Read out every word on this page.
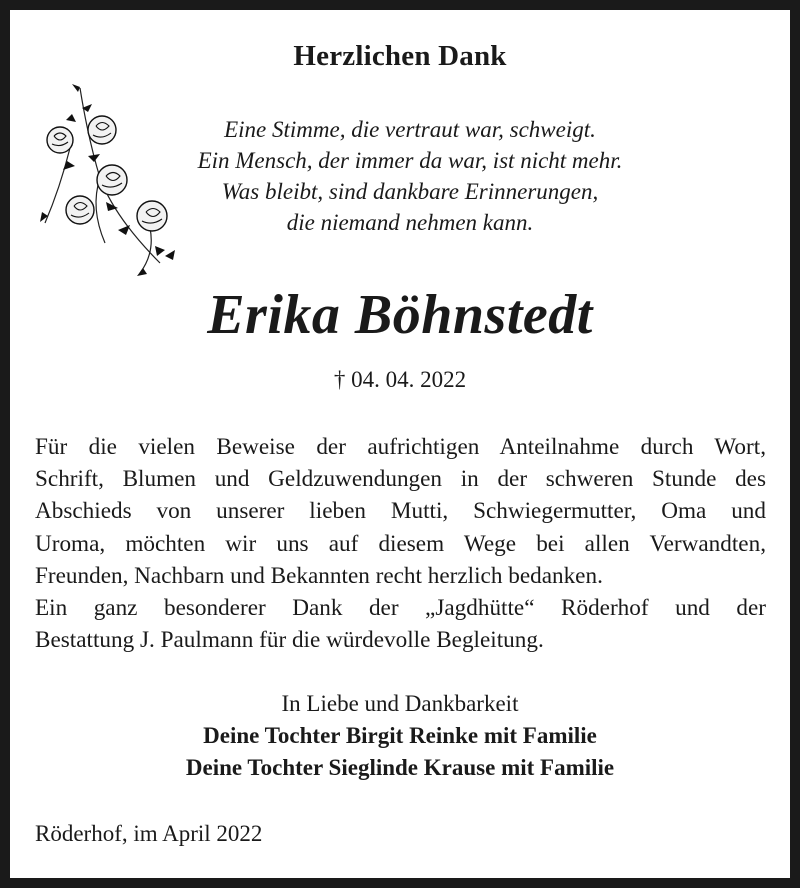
Herzlichen Dank
Eine Stimme, die vertraut war, schweigt.
Ein Mensch, der immer da war, ist nicht mehr.
Was bleibt, sind dankbare Erinnerungen,
die niemand nehmen kann.
Erika Böhnstedt
† 04. 04. 2022
Für die vielen Beweise der aufrichtigen Anteilnahme durch Wort,
Schrift, Blumen und Geldzuwendungen in der schweren Stunde des
Abschieds von unserer lieben Mutti, Schwiegermutter, Oma und
Uroma, möchten wir uns auf diesem Wege bei allen Verwandten,
Freunden, Nachbarn und Bekannten recht herzlich bedanken.
Ein ganz besonderer Dank der „Jagdhütte“ Röderhof und der
Bestattung J. Paulmann für die würdevolle Begleitung.
In Liebe und Dankbarkeit
Deine Tochter Birgit Reinke mit Familie
Deine Tochter Sieglinde Krause mit Familie
Röderhof, im April 2022
